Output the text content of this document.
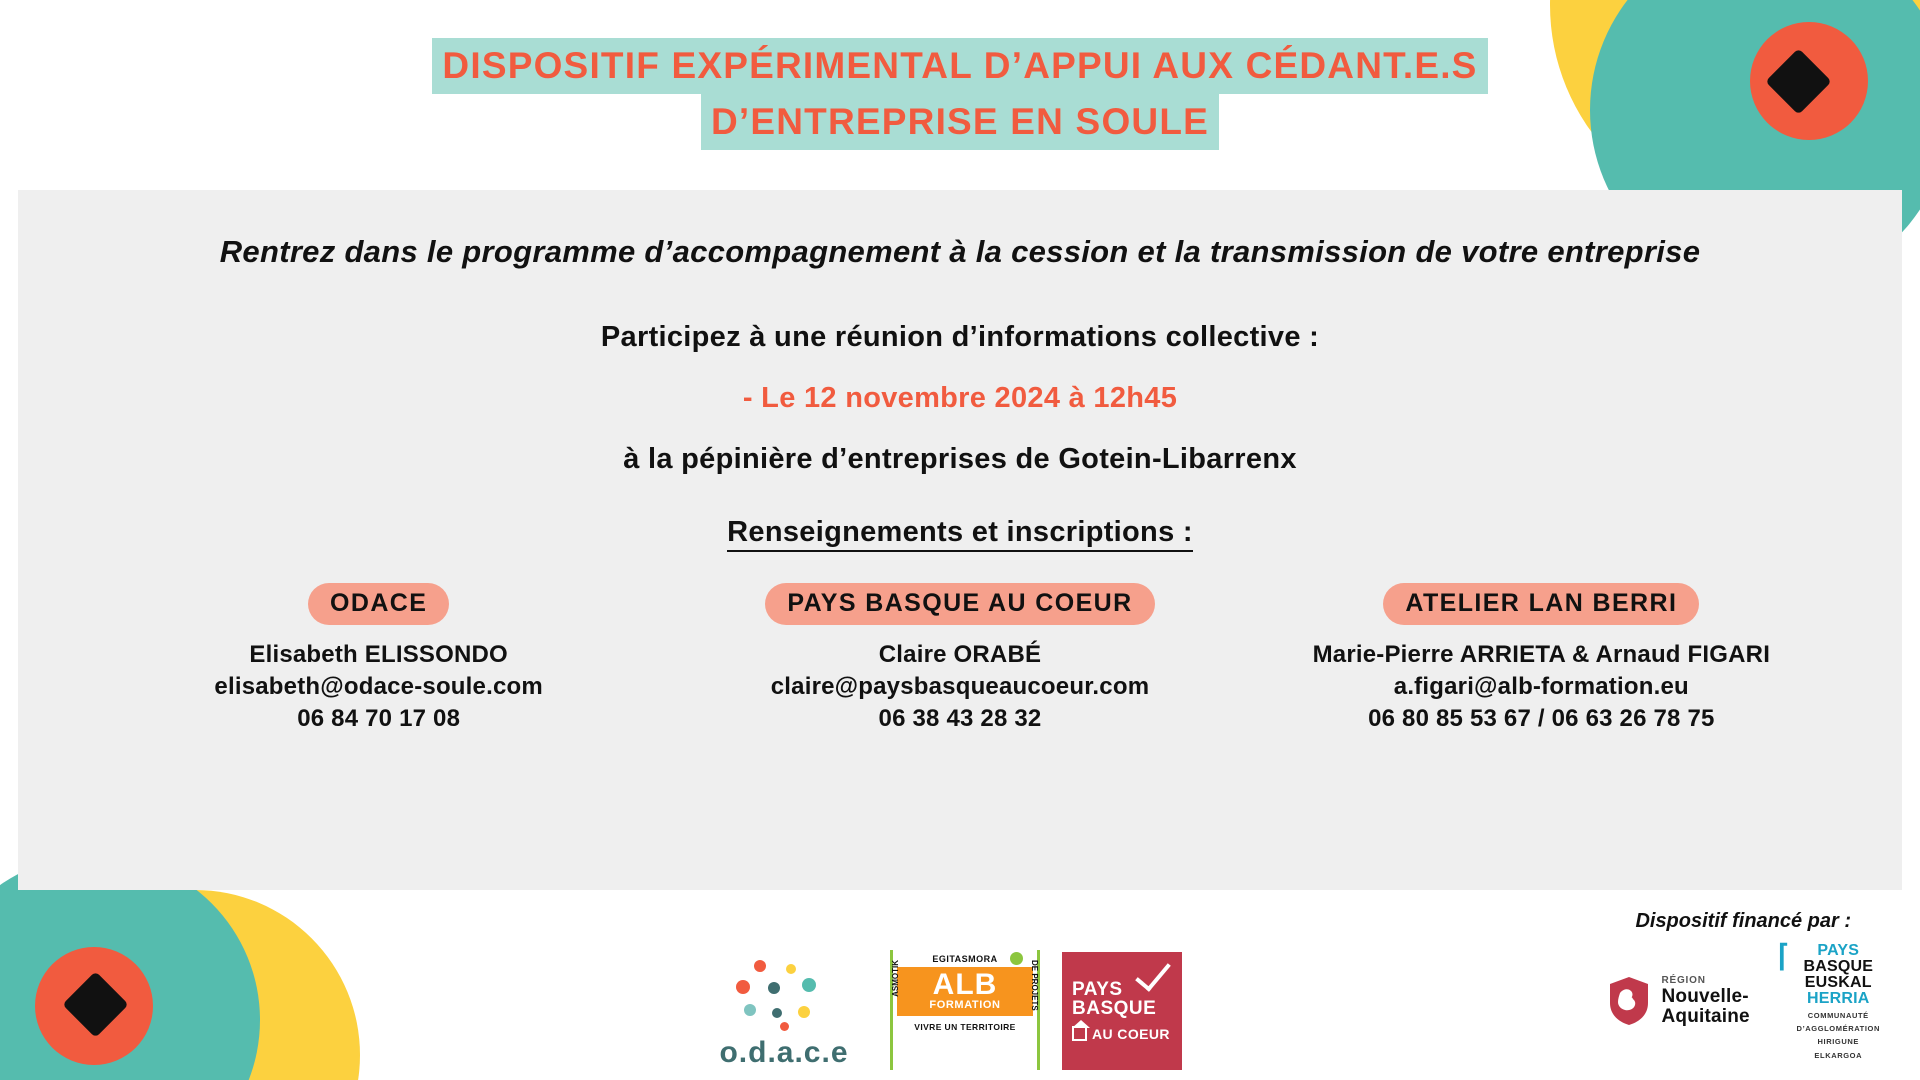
DISPOSITIF EXPÉRIMENTAL D’APPUI AUX CÉDANT.E.S
D’ENTREPRISE EN SOULE
Rentrez dans le programme d’accompagnement à la cession et la transmission de votre entreprise
Participez à une réunion d’informations collective :
- Le 12 novembre 2024 à 12h45
à la pépinière d’entreprises de Gotein-Libarrenx
Renseignements et inscriptions :
ODACE
Elisabeth ELISSONDO
elisabeth@odace-soule.com
06 84 70 17 08
PAYS BASQUE AU COEUR
Claire ORABÉ
claire@paysbasqueaucoeur.com
06 38 43 28 32
ATELIER LAN BERRI
Marie-Pierre ARRIETA & Arnaud FIGARI
a.figari@alb-formation.eu
06 80 85 53 67 / 06 63 26 78 75
o.d.a.c.e
EGITASMORA
ASMOTIK	DE PROJETS
ALB
FORMATION
VIVRE UN TERRITOIRE
PAYS
BASQUE
AU COEUR
Dispositif financé par :
RÉGION
Nouvelle-
Aquitaine
⌈	PAYS
BASQUE
EUSKAL
HERRIA
COMMUNAUTÉ
D’AGGLOMÉRATION
HIRIGUNE
ELKARGOA
